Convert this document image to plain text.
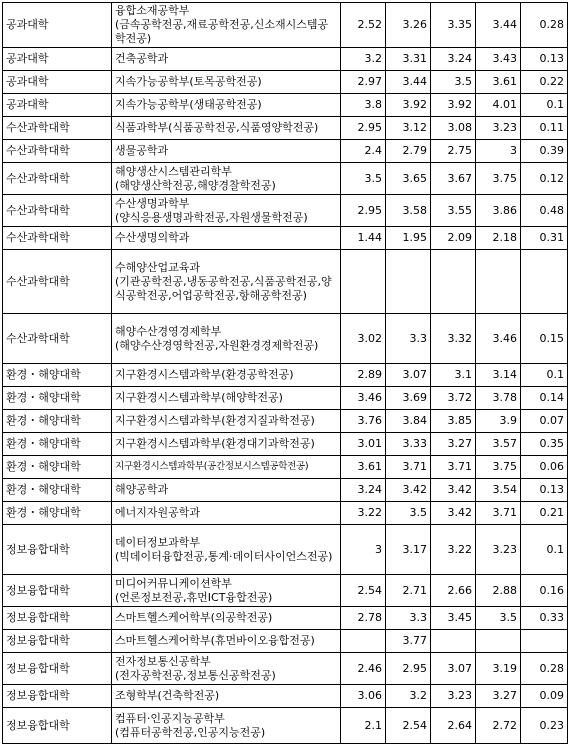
공과대학	융합소재공학부
(금속공학전공,재료공학전공,신소재시스템공학전공)	2.52	3.26	3.35	3.44	0.28
공과대학	건축공학과	3.2	3.31	3.24	3.43	0.13
공과대학	지속가능공학부(토목공학전공)	2.97	3.44	3.5	3.61	0.22
공과대학	지속가능공학부(생태공학전공)	3.8	3.92	3.92	4.01	0.1
수산과학대학	식품과학부(식품공학전공,식품영양학전공)	2.95	3.12	3.08	3.23	0.11
수산과학대학	생물공학과	2.4	2.79	2.75	3	0.39
수산과학대학	해양생산시스템관리학부
(해양생산학전공,해양경찰학전공)	3.5	3.65	3.67	3.75	0.12
수산과학대학	수산생명과학부
(양식응용생명과학전공,자원생물학전공)	2.95	3.58	3.55	3.86	0.48
수산과학대학	수산생명의학과	1.44	1.95	2.09	2.18	0.31
수산과학대학	수해양산업교육과
(기관공학전공,냉동공학전공,식품공학전공,양식공학전공,어업공학전공,항해공학전공)					
수산과학대학	해양수산경영경제학부
(해양수산경영학전공,자원환경경제학전공)	3.02	3.3	3.32	3.46	0.15
환경・해양대학	지구환경시스템과학부(환경공학전공)	2.89	3.07	3.1	3.14	0.1
환경・해양대학	지구환경시스템과학부(해양학전공)	3.46	3.69	3.72	3.78	0.14
환경・해양대학	지구환경시스템과학부(환경지질과학전공)	3.76	3.84	3.85	3.9	0.07
환경・해양대학	지구환경시스템과학부(환경대기과학전공)	3.01	3.33	3.27	3.57	0.35
환경・해양대학	지구환경시스템과학부(공간정보시스템공학전공)	3.61	3.71	3.71	3.75	0.06
환경・해양대학	해양공학과	3.24	3.42	3.42	3.54	0.13
환경・해양대학	에너지자원공학과	3.22	3.5	3.42	3.71	0.21
정보융합대학	데이터정보과학부
(빅데이터융합전공,통계·데이터사이언스전공)	3	3.17	3.22	3.23	0.1
정보융합대학	미디어커뮤니케이션학부
(언론정보전공,휴먼ICT융합전공)	2.54	2.71	2.66	2.88	0.16
정보융합대학	스마트헬스케어학부(의공학전공)	2.78	3.3	3.45	3.5	0.33
정보융합대학	스마트헬스케어학부(휴먼바이오융합전공)		3.77			
정보융합대학	전자정보통신공학부
(전자공학전공,정보통신공학전공)	2.46	2.95	3.07	3.19	0.28
정보융합대학	조형학부(건축학전공)	3.06	3.2	3.23	3.27	0.09
정보융합대학	컴퓨터·인공지능공학부
(컴퓨터공학전공,인공지능전공)	2.1	2.54	2.64	2.72	0.23
